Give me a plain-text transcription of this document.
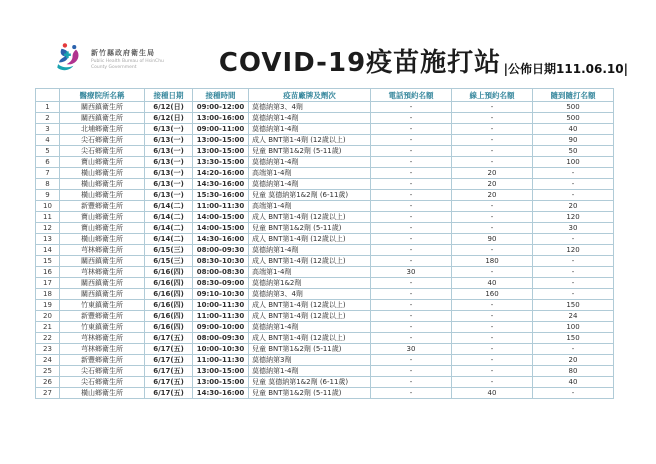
新竹縣政府衛生局
Public Health Bureau of HsinChu County Government	COVID-19疫苗施打站 |公佈日期111.06.10|
	醫療院所名稱	接種日期	接種時間	疫苗廠牌及劑次	電話預約名額	線上預約名額	隨到隨打名額
1	關西鎮衛生所	6/12(日)	09:00-12:00	莫德納第3、4劑	-	-	500
2	關西鎮衛生所	6/12(日)	13:00-16:00	莫德納第1-4劑	-	-	500
3	北埔鄉衛生所	6/13(一)	09:00-11:00	莫德納第1-4劑	-	-	40
4	尖石鄉衛生所	6/13(一)	13:00-15:00	成人 BNT第1-4劑 (12歲以上)	-	-	90
5	尖石鄉衛生所	6/13(一)	13:00-15:00	兒童 BNT第1&2劑 (5-11歲)	-	-	50
6	寶山鄉衛生所	6/13(一)	13:30-15:00	莫德納第1-4劑	-	-	100
7	橫山鄉衛生所	6/13(一)	14:20-16:00	高端第1-4劑	-	20	-
8	橫山鄉衛生所	6/13(一)	14:30-16:00	莫德納第1-4劑	-	20	-
9	橫山鄉衛生所	6/13(一)	15:30-16:00	兒童 莫德納第1&2劑 (6-11歲)	-	20	-
10	新豐鄉衛生所	6/14(二)	11:00-11:30	高端第1-4劑	-	-	20
11	寶山鄉衛生所	6/14(二)	14:00-15:00	成人 BNT第1-4劑 (12歲以上)	-	-	120
12	寶山鄉衛生所	6/14(二)	14:00-15:00	兒童 BNT第1&2劑 (5-11歲)	-	-	30
13	橫山鄉衛生所	6/14(二)	14:30-16:00	成人 BNT第1-4劑 (12歲以上)	-	90	-
14	芎林鄉衛生所	6/15(三)	08:00-09:30	莫德納第1-4劑	-	-	120
15	關西鎮衛生所	6/15(三)	08:30-10:30	成人 BNT第1-4劑 (12歲以上)	-	180	-
16	芎林鄉衛生所	6/16(四)	08:00-08:30	高端第1-4劑	30	-	-
17	關西鎮衛生所	6/16(四)	08:30-09:00	莫德納第1&2劑	-	40	-
18	關西鎮衛生所	6/16(四)	09:10-10:30	莫德納第3、4劑	-	160	-
19	竹東鎮衛生所	6/16(四)	10:00-11:30	成人 BNT第1-4劑 (12歲以上)	-	-	150
20	新豐鄉衛生所	6/16(四)	11:00-11:30	成人 BNT第1-4劑 (12歲以上)	-	-	24
21	竹東鎮衛生所	6/16(四)	09:00-10:00	莫德納第1-4劑	-	-	100
22	芎林鄉衛生所	6/17(五)	08:00-09:30	成人 BNT第1-4劑 (12歲以上)	-	-	150
23	芎林鄉衛生所	6/17(五)	10:00-10:30	兒童 BNT第1&2劑 (5-11歲)	30	-	-
24	新豐鄉衛生所	6/17(五)	11:00-11:30	莫德納第3劑	-	-	20
25	尖石鄉衛生所	6/17(五)	13:00-15:00	莫德納第1-4劑	-	-	80
26	尖石鄉衛生所	6/17(五)	13:00-15:00	兒童 莫德納第1&2劑 (6-11歲)	-	-	40
27	橫山鄉衛生所	6/17(五)	14:30-16:00	兒童 BNT第1&2劑 (5-11歲)	-	40	-
